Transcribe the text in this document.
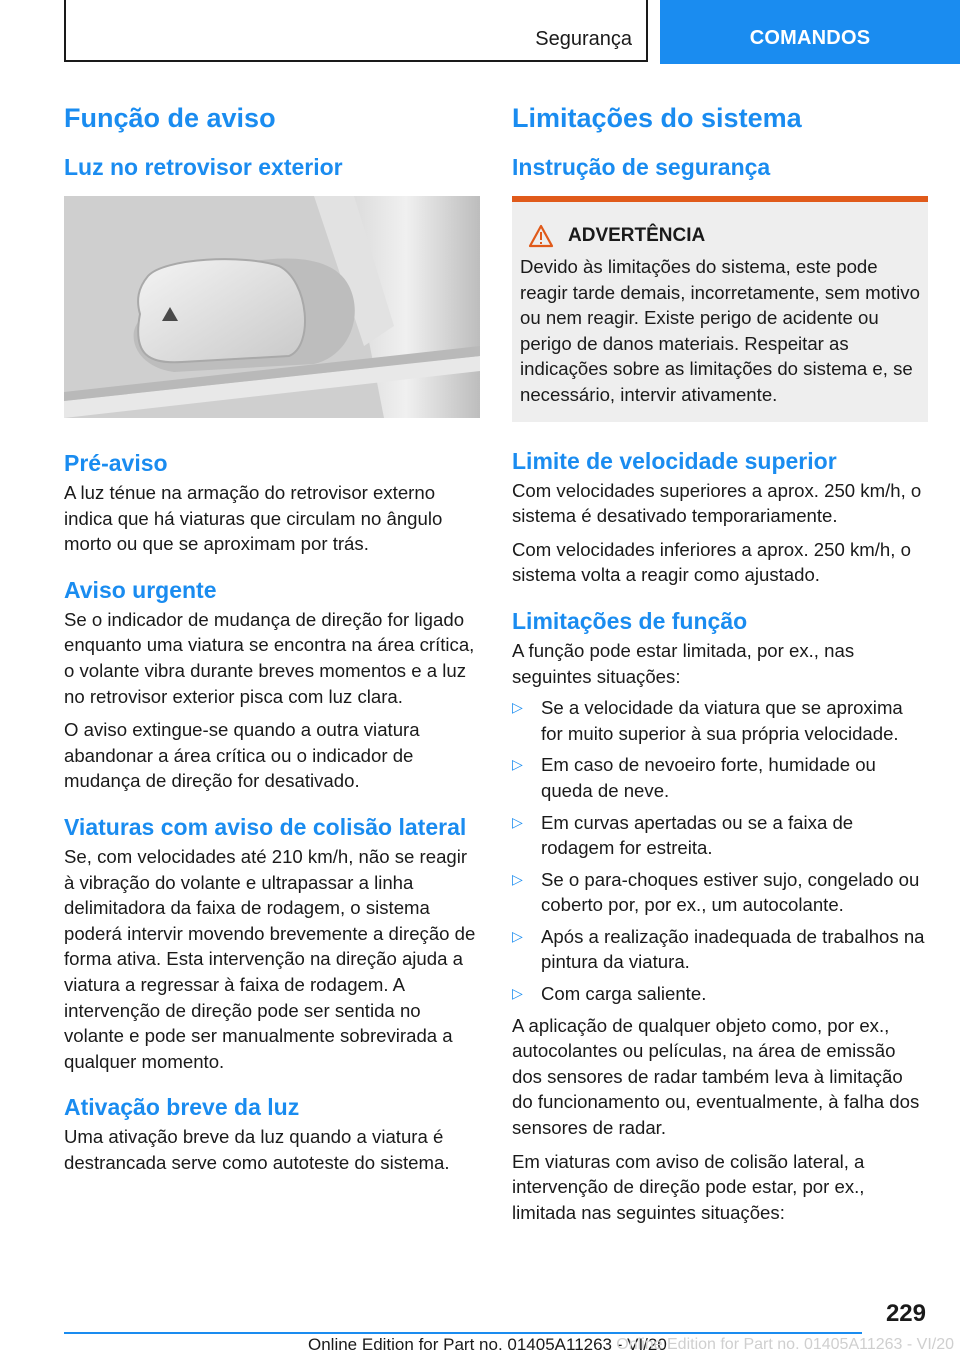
Segurança	COMANDOS
Função de aviso
Luz no retrovisor exterior
Pré-aviso

A luz ténue na armação do retrovisor externo indica que há viaturas que circulam no ângulo morto ou que se aproximam por trás.

Aviso urgente

Se o indicador de mudança de direção for ligado enquanto uma viatura se encontra na área crítica, o volante vibra durante breves momentos e a luz no retrovisor exterior pisca com luz clara.

O aviso extingue-se quando a outra viatura abandonar a área crítica ou o indicador de mudança de direção for desativado.

Viaturas com aviso de colisão lateral

Se, com velocidades até 210 km/h, não se reagir à vibração do volante e ultrapassar a linha delimitadora da faixa de rodagem, o sistema poderá intervir movendo brevemente a direção de forma ativa. Esta intervenção na direção ajuda a viatura a regressar à faixa de rodagem. A intervenção de direção pode ser sentida no volante e pode ser manualmente sobrevirada a qualquer momento.

Ativação breve da luz

Uma ativação breve da luz quando a viatura é destrancada serve como autoteste do sistema.

Limitações do sistema
Instrução de segurança
ADVERTÊNCIA

Devido às limitações do sistema, este pode reagir tarde demais, incorretamente, sem motivo ou nem reagir. Existe perigo de acidente ou perigo de danos materiais. Respeitar as indicações sobre as limitações do sistema e, se necessário, intervir ativamente.

Limite de velocidade superior

Com velocidades superiores a aprox. 250 km/h, o sistema é desativado temporariamente.

Com velocidades inferiores a aprox. 250 km/h, o sistema volta a reagir como ajustado.

Limitações de função

A função pode estar limitada, por ex., nas seguintes situações:

▷ Se a velocidade da viatura que se aproxima for muito superior à sua própria velocidade.
▷ Em caso de nevoeiro forte, humidade ou queda de neve.
▷ Em curvas apertadas ou se a faixa de rodagem for estreita.
▷ Se o para-choques estiver sujo, congelado ou coberto por, por ex., um autocolante.
▷ Após a realização inadequada de trabalhos na pintura da viatura.
▷ Com carga saliente.

A aplicação de qualquer objeto como, por ex., autocolantes ou películas, na área de emissão dos sensores de radar também leva à limitação do funcionamento ou, eventualmente, à falha dos sensores de radar.

Em viaturas com aviso de colisão lateral, a intervenção de direção pode estar, por ex., limitada nas seguintes situações:

229
Online Edition for Part no. 01405A11263 - VI/20
Online Edition for Part no. 01405A11263 - VI/20
